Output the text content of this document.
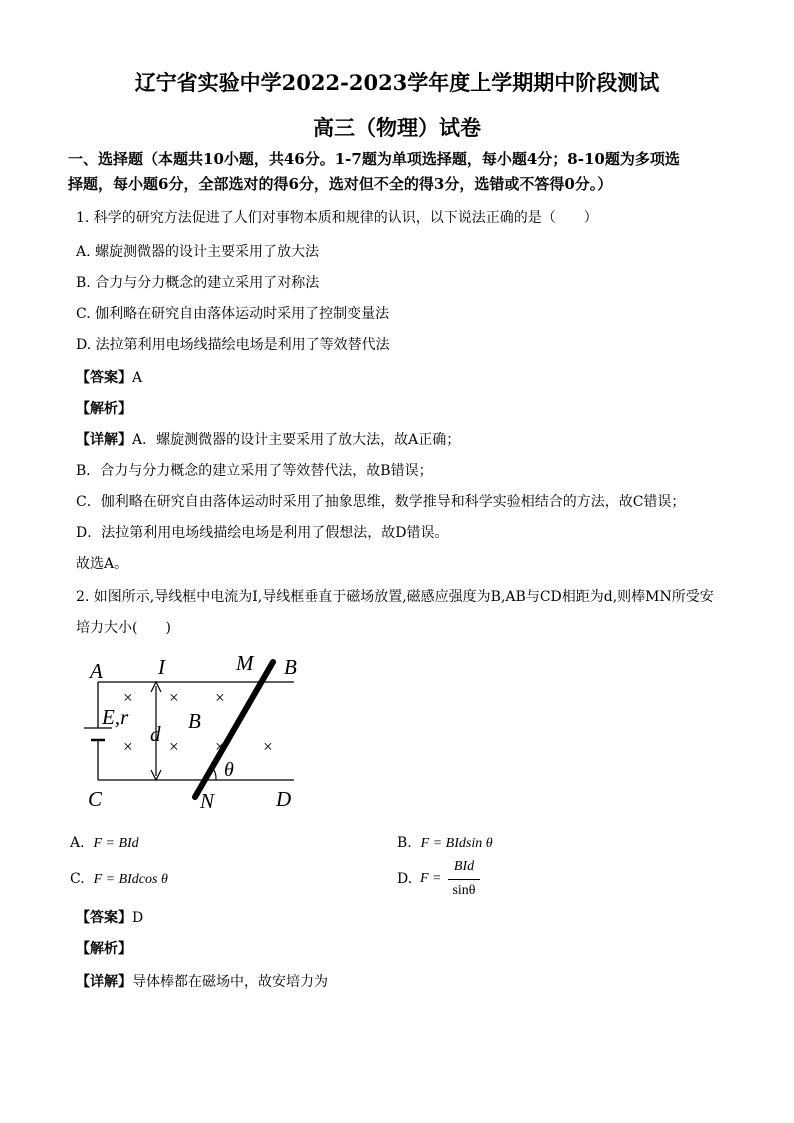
辽宁省实验中学2022-2023学年度上学期期中阶段测试
高三（物理）试卷
一、选择题（本题共10小题，共46分。1-7题为单项选择题，每小题4分；8-10题为多项选
择题，每小题6分，全部选对的得6分，选对但不全的得3分，选错或不答得0分。）
1. 科学的研究方法促进了人们对事物本质和规律的认识，以下说法正确的是（　　）
A. 螺旋测微器的设计主要采用了放大法
B. 合力与分力概念的建立采用了对称法
C. 伽利略在研究自由落体运动时采用了控制变量法
D. 法拉第利用电场线描绘电场是利用了等效替代法
【答案】A
【解析】
【详解】A．螺旋测微器的设计主要采用了放大法，故A正确；
B．合力与分力概念的建立采用了等效替代法，故B错误；
C．伽利略在研究自由落体运动时采用了抽象思维，数学推导和科学实验相结合的方法，故C错误；
D．法拉第利用电场线描绘电场是利用了假想法，故D错误。
故选A。
2. 如图所示,导线框中电流为I,导线框垂直于磁场放置,磁感应强度为B,AB与CD相距为d,则棒MN所受安
培力大小(　　)
× × ×
× × × ×
A	I	M B
E,r
d
B
θ
C	N	D
A. F = BId	B. F = BIdsin θ
C. F = BIdcos θ	D. F =
BId
sinθ
【答案】D
【解析】
【详解】导体棒都在磁场中，故安培力为
